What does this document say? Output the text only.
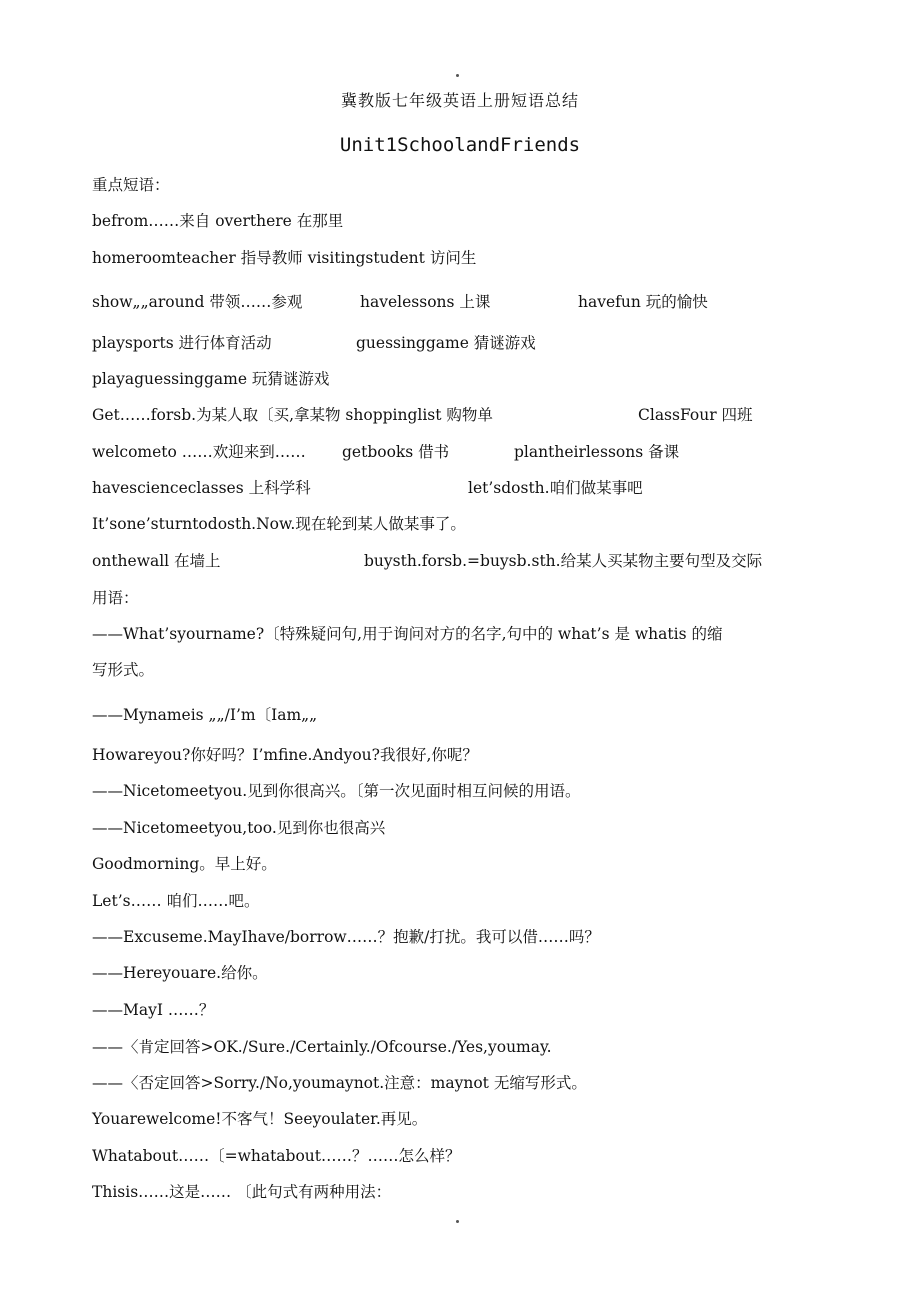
冀教版七年级英语上册短语总结
Unit1SchoolandFriends
重点短语：
befrom……来自 overthere 在那里
homeroomteacher 指导教师 visitingstudent 访问生
show„„around 带领……参观	havelessons 上课	havefun 玩的愉快
playsports 进行体育活动	guessinggame 猜谜游戏
playaguessinggame 玩猜谜游戏
Get……forsb.为某人取〔买,拿某物 shoppinglist 购物单	ClassFour 四班
welcometo ……欢迎来到…… getbooks 借书	plantheirlessons 备课
havescienceclasses 上科学科	let’sdosth.咱们做某事吧
It’sone’sturntodosth.Now.现在轮到某人做某事了。
onthewall 在墙上	buysth.forsb.=buysb.sth.给某人买某物主要句型及交际
用语：
——What’syourname?〔特殊疑问句,用于询问对方的名字,句中的 what’s 是 whatis 的缩
写形式。
——Mynameis „„/I’m〔Iam„„
Howareyou?你好吗？I’mfine.Andyou?我很好,你呢？
——Nicetomeetyou.见到你很高兴。〔第一次见面时相互问候的用语。
——Nicetomeetyou,too.见到你也很高兴
Goodmorning。早上好。
Let’s…… 咱们……吧。
——Excuseme.MayIhave/borrow……？抱歉/打扰。我可以借……吗？
——Hereyouare.给你。
——MayI ……？
——〈肯定回答>OK./Sure./Certainly./Ofcourse./Yes,youmay.
——〈否定回答>Sorry./No,youmaynot.注意：maynot 无缩写形式。
Youarewelcome!不客气！Seeyoulater.再见。
Whatabout……〔=whatabout……？……怎么样？
Thisis……这是…… 〔此句式有两种用法：
